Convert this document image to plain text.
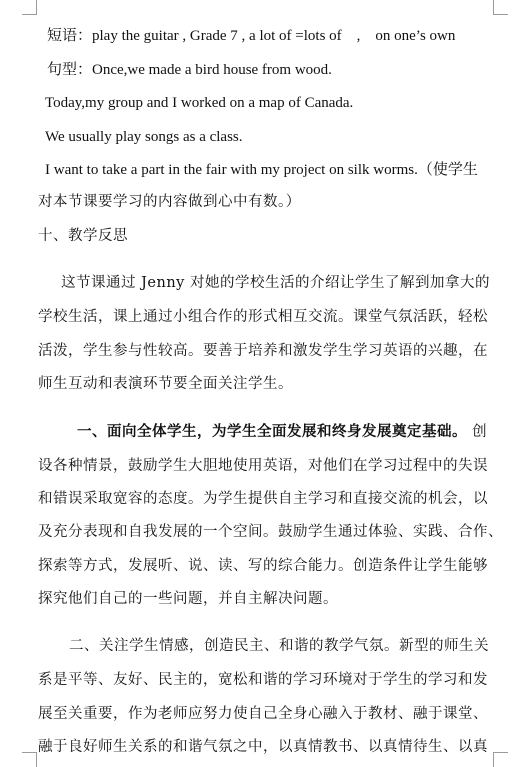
短语：play the guitar , Grade 7 , a lot of =lots of　,　on one’s own
句型：Once,we made a bird house from wood.
Today,my group and I worked on a map of Canada.
We usually play songs as a class.
I want to take a part in the fair with my project on silk worms.（使学生
对本节课要学习的内容做到心中有数。）
十、教学反思
这节课通过 Jenny 对她的学校生活的介绍让学生了解到加拿大的
学校生活，课上通过小组合作的形式相互交流。课堂气氛活跃，轻松
活泼，学生参与性较高。要善于培养和激发学生学习英语的兴趣，在
师生互动和表演环节要全面关注学生。
一、面向全体学生，为学生全面发展和终身发展奠定基础。 创
设各种情景，鼓励学生大胆地使用英语，对他们在学习过程中的失误
和错误采取宽容的态度。为学生提供自主学习和直接交流的机会，以
及充分表现和自我发展的一个空间。鼓励学生通过体验、实践、合作、
探索等方式，发展听、说、读、写的综合能力。创造条件让学生能够
探究他们自己的一些问题，并自主解决问题。
二、关注学生情感，创造民主、和谐的教学气氛。新型的师生关
系是平等、友好、民主的，宽松和谐的学习环境对于学生的学习和发
展至关重要，作为老师应努力使自己全身心融入于教材、融于课堂、
融于良好师生关系的和谐气氛之中，以真情教书、以真情待生、以真
